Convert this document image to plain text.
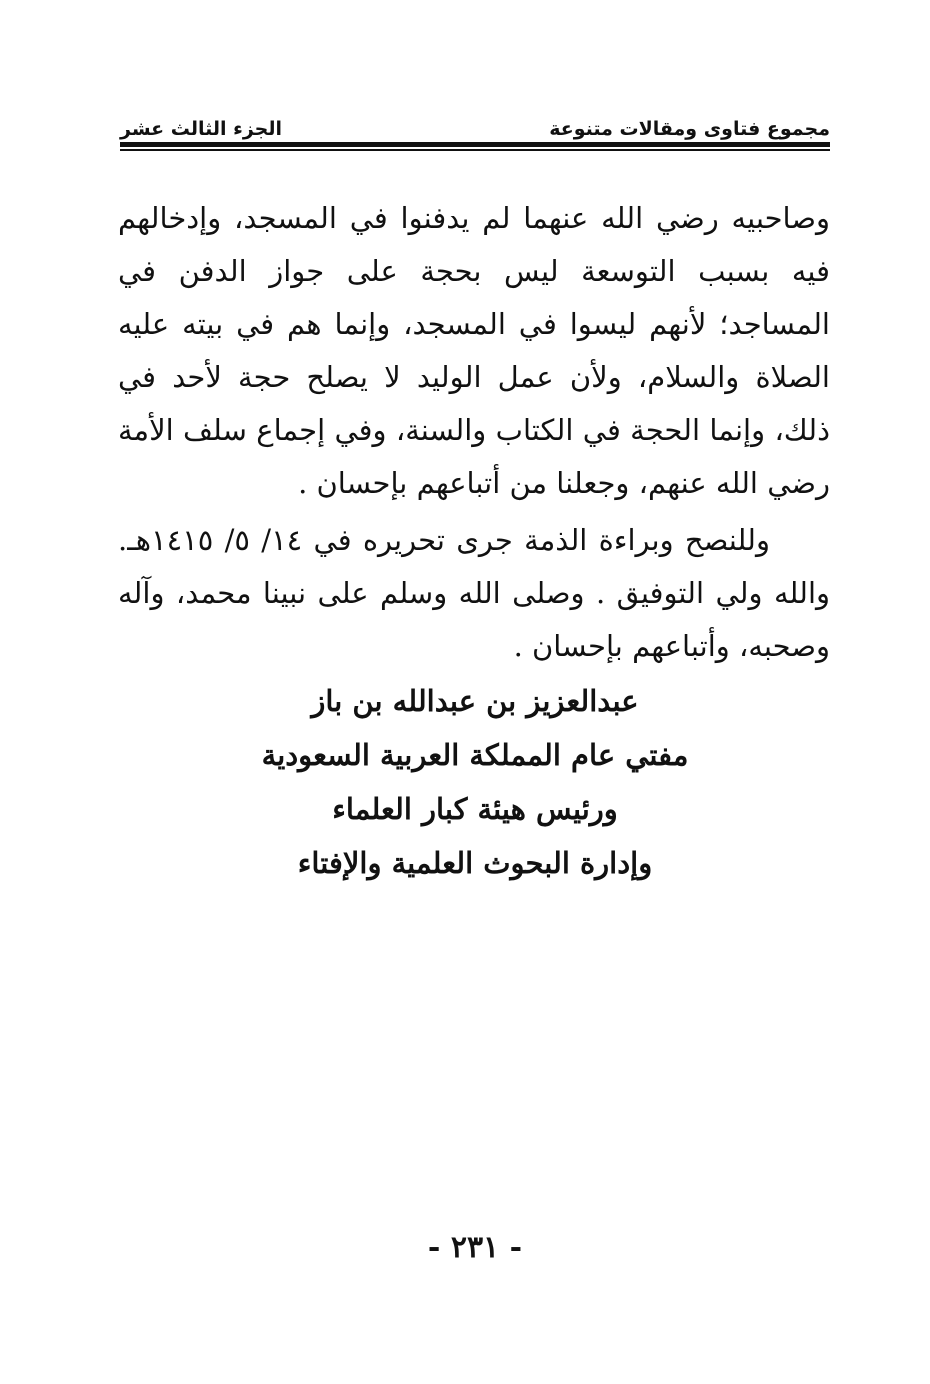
مجموع فتاوى ومقالات متنوعة
الجزء الثالث عشر

وصاحبيه رضي الله عنهما لم يدفنوا في المسجد، وإدخالهم فيه بسبب التوسعة ليس بحجة على جواز الدفن في المساجد؛ لأنهم ليسوا في المسجد، وإنما هم في بيته عليه الصلاة والسلام، ولأن عمل الوليد لا يصلح حجة لأحد في ذلك، وإنما الحجة في الكتاب والسنة، وفي إجماع سلف الأمة رضي الله عنهم، وجعلنا من أتباعهم بإحسان .

وللنصح وبراءة الذمة جرى تحريره في ١٤/ ٥/ ١٤١٥هـ. والله ولي التوفيق . وصلى الله وسلم على نبينا محمد، وآله وصحبه، وأتباعهم بإحسان .

عبدالعزيز بن عبدالله بن باز
مفتي عام المملكة العربية السعودية
ورئيس هيئة كبار العلماء
وإدارة البحوث العلمية والإفتاء
- ٢٣١ -
